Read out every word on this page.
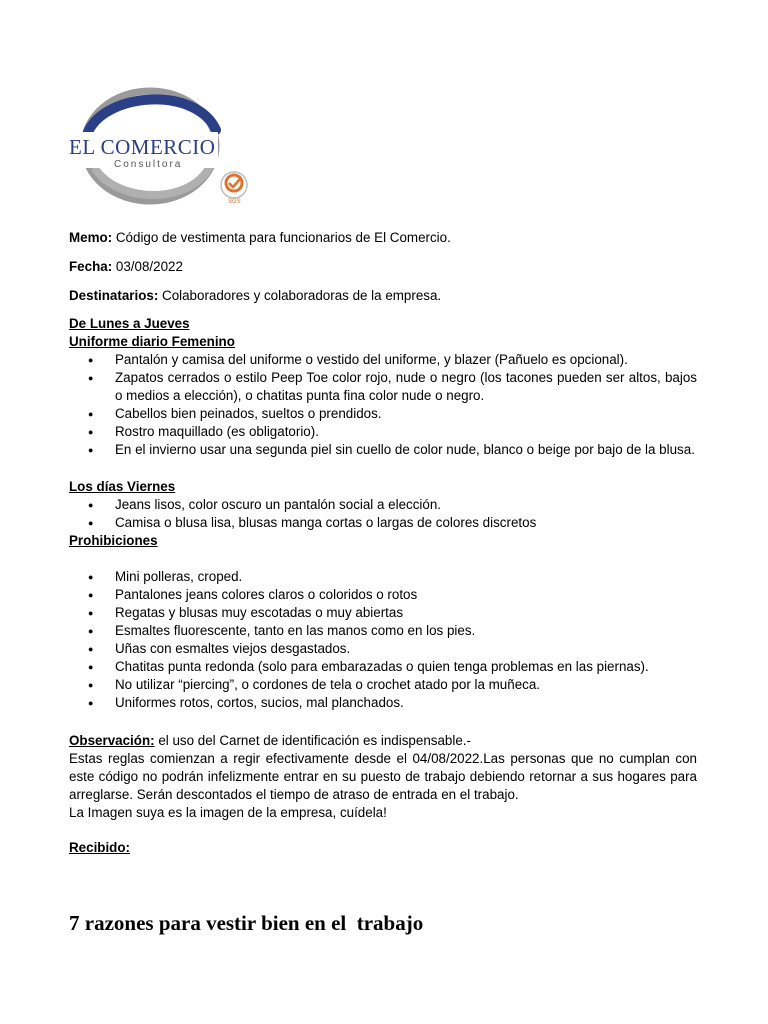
EL COMERCIO
Consultora
SGS
Memo: Código de vestimenta para funcionarios de El Comercio.
Fecha: 03/08/2022
Destinatarios: Colaboradores y colaboradoras de la empresa.
De Lunes a Jueves
Uniforme diario Femenino
● Pantalón y camisa del uniforme o vestido del uniforme, y blazer (Pañuelo es opcional).
● Zapatos cerrados o estilo Peep Toe color rojo, nude o negro (los tacones pueden ser altos, bajos o medios a elección), o chatitas punta fina color nude o negro.
● Cabellos bien peinados, sueltos o prendidos.
● Rostro maquillado (es obligatorio).
● En el invierno usar una segunda piel sin cuello de color nude, blanco o beige por bajo de la blusa.
Los días Viernes
● Jeans lisos, color oscuro un pantalón social a elección.
● Camisa o blusa lisa, blusas manga cortas o largas de colores discretos
Prohibiciones
● Mini polleras, croped.
● Pantalones jeans colores claros o coloridos o rotos
● Regatas y blusas muy escotadas o muy abiertas
● Esmaltes fluorescente, tanto en las manos como en los pies.
● Uñas con esmaltes viejos desgastados.
● Chatitas punta redonda (solo para embarazadas o quien tenga problemas en las piernas).
● No utilizar “piercing”, o cordones de tela o crochet atado por la muñeca.
● Uniformes rotos, cortos, sucios, mal planchados.

Observación: el uso del Carnet de identificación es indispensable.-

Estas reglas comienzan a regir efectivamente desde el 04/08/2022.Las personas que no cumplan con este código no podrán infelizmente entrar en su puesto de trabajo debiendo retornar a sus hogares para arreglarse. Serán descontados el tiempo de atraso de entrada en el trabajo.

La Imagen suya es la imagen de la empresa, cuídela!

Recibido:
7 razones para vestir bien en el  trabajo
